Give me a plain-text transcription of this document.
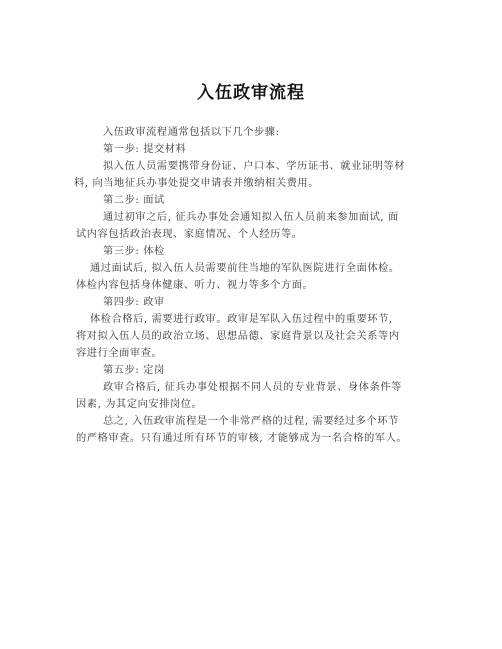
入伍政审流程
入伍政审流程通常包括以下几个步骤:
第一步: 提交材料
拟入伍人员需要携带身份证、户口本、学历证书、就业证明等材
料, 向当地征兵办事处提交申请表并缴纳相关费用。
第二步: 面试
通过初审之后, 征兵办事处会通知拟入伍人员前来参加面试, 面
试内容包括政治表现、家庭情况、个人经历等。
第三步: 体检
通过面试后, 拟入伍人员需要前往当地的军队医院进行全面体检。
体检内容包括身体健康、听力、视力等多个方面。
第四步: 政审
体检合格后, 需要进行政审。政审是军队入伍过程中的重要环节,
将对拟入伍人员的政治立场、思想品德、家庭背景以及社会关系等内
容进行全面审查。
第五步: 定岗
政审合格后, 征兵办事处根据不同人员的专业背景、身体条件等
因素, 为其定向安排岗位。
总之, 入伍政审流程是一个非常严格的过程, 需要经过多个环节
的严格审查。只有通过所有环节的审核, 才能够成为一名合格的军人。
